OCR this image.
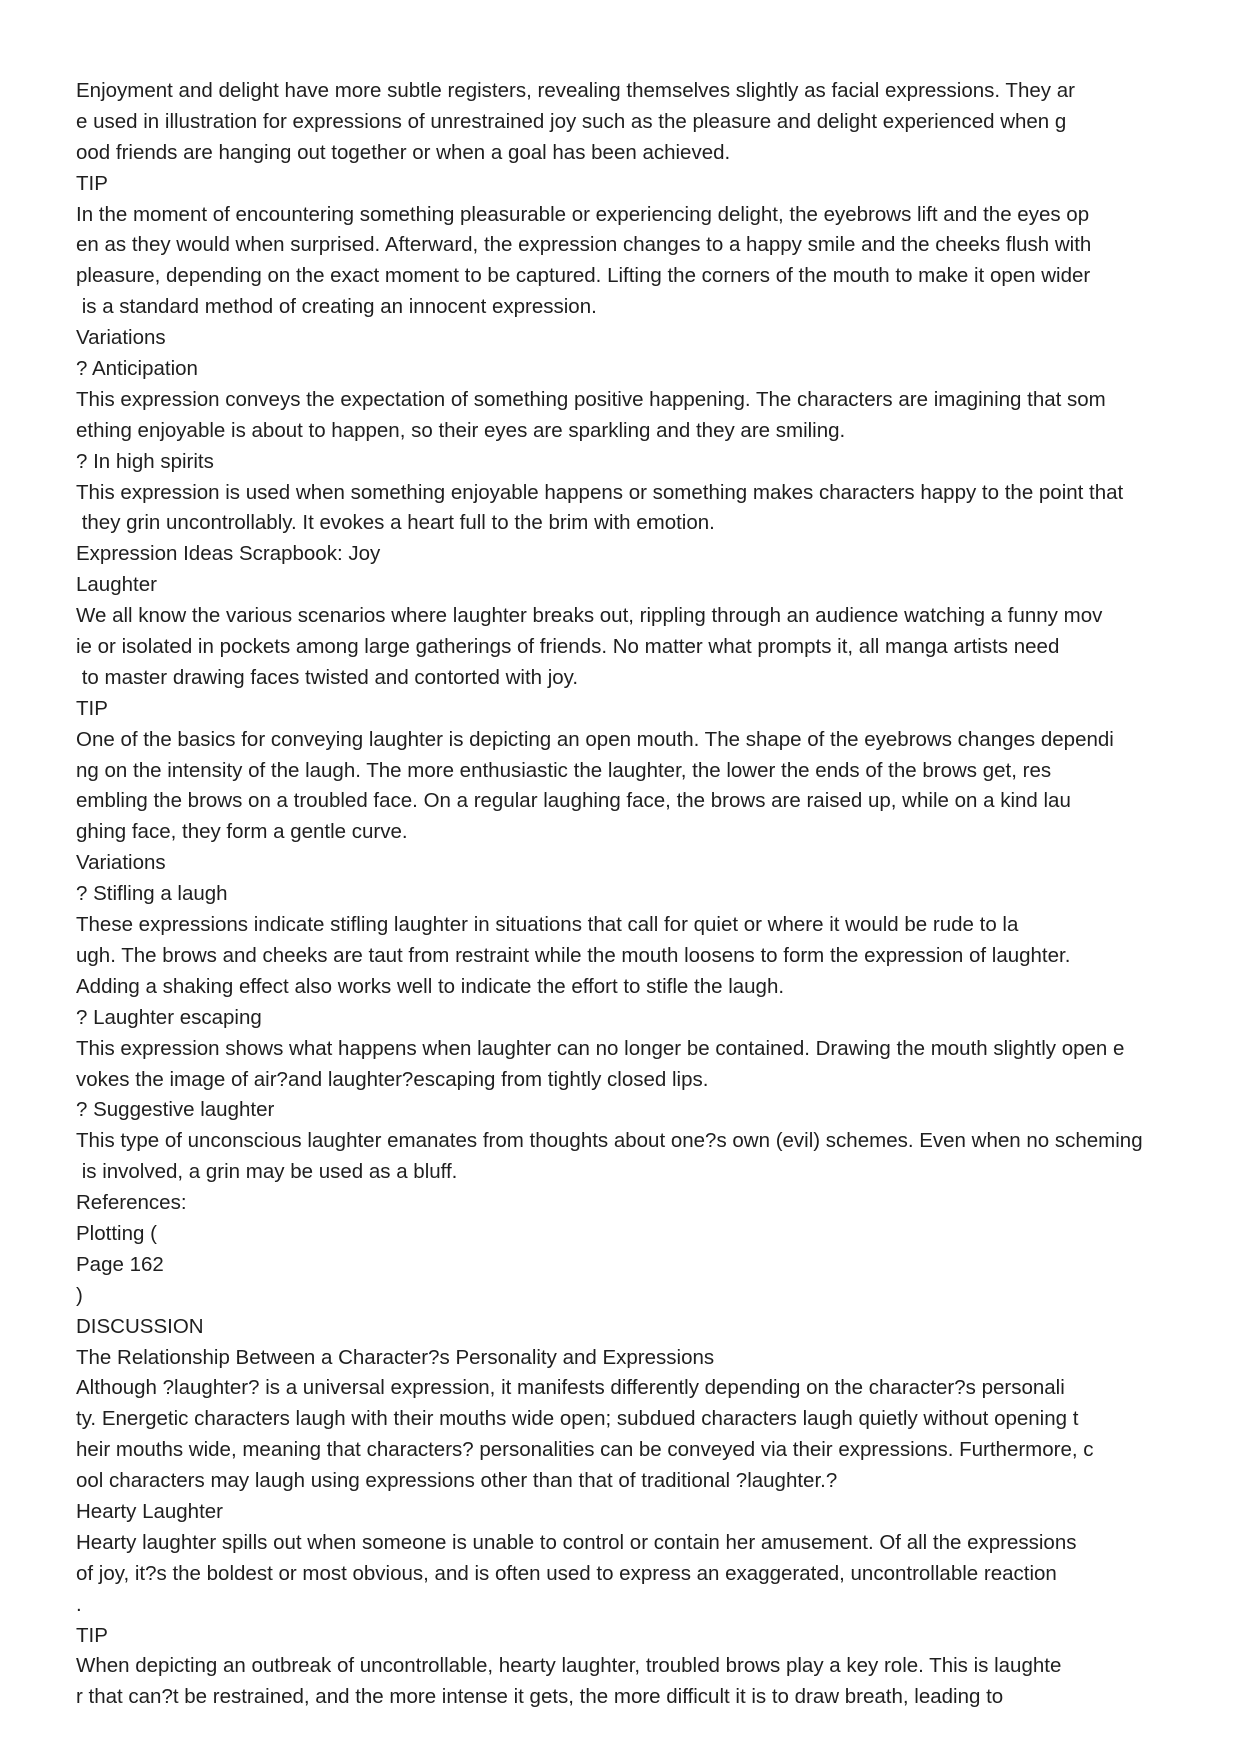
Enjoyment and delight have more subtle registers, revealing themselves slightly as facial expressions. They ar
e used in illustration for expressions of unrestrained joy such as the pleasure and delight experienced when g
ood friends are hanging out together or when a goal has been achieved.
TIP
In the moment of encountering something pleasurable or experiencing delight, the eyebrows lift and the eyes op
en as they would when surprised. Afterward, the expression changes to a happy smile and the cheeks flush with
pleasure, depending on the exact moment to be captured. Lifting the corners of the mouth to make it open wider
is a standard method of creating an innocent expression.
Variations
? Anticipation
This expression conveys the expectation of something positive happening. The characters are imagining that som
ething enjoyable is about to happen, so their eyes are sparkling and they are smiling.
? In high spirits
This expression is used when something enjoyable happens or something makes characters happy to the point that
they grin uncontrollably. It evokes a heart full to the brim with emotion.
Expression Ideas Scrapbook: Joy
Laughter
We all know the various scenarios where laughter breaks out, rippling through an audience watching a funny mov
ie or isolated in pockets among large gatherings of friends. No matter what prompts it, all manga artists need
to master drawing faces twisted and contorted with joy.
TIP
One of the basics for conveying laughter is depicting an open mouth. The shape of the eyebrows changes dependi
ng on the intensity of the laugh. The more enthusiastic the laughter, the lower the ends of the brows get, res
embling the brows on a troubled face. On a regular laughing face, the brows are raised up, while on a kind lau
ghing face, they form a gentle curve.
Variations
? Stifling a laugh
These expressions indicate stifling laughter in situations that call for quiet or where it would be rude to la
ugh. The brows and cheeks are taut from restraint while the mouth loosens to form the expression of laughter.
Adding a shaking effect also works well to indicate the effort to stifle the laugh.
? Laughter escaping
This expression shows what happens when laughter can no longer be contained. Drawing the mouth slightly open e
vokes the image of air?and laughter?escaping from tightly closed lips.
? Suggestive laughter
This type of unconscious laughter emanates from thoughts about one?s own (evil) schemes. Even when no scheming
is involved, a grin may be used as a bluff.
References:
Plotting (
Page 162
)
DISCUSSION
The Relationship Between a Character?s Personality and Expressions
Although ?laughter? is a universal expression, it manifests differently depending on the character?s personali
ty. Energetic characters laugh with their mouths wide open; subdued characters laugh quietly without opening t
heir mouths wide, meaning that characters? personalities can be conveyed via their expressions. Furthermore, c
ool characters may laugh using expressions other than that of traditional ?laughter.?
Hearty Laughter
Hearty laughter spills out when someone is unable to control or contain her amusement. Of all the expressions
of joy, it?s the boldest or most obvious, and is often used to express an exaggerated, uncontrollable reaction
.
TIP
When depicting an outbreak of uncontrollable, hearty laughter, troubled brows play a key role. This is laughte
r that can?t be restrained, and the more intense it gets, the more difficult it is to draw breath, leading to
